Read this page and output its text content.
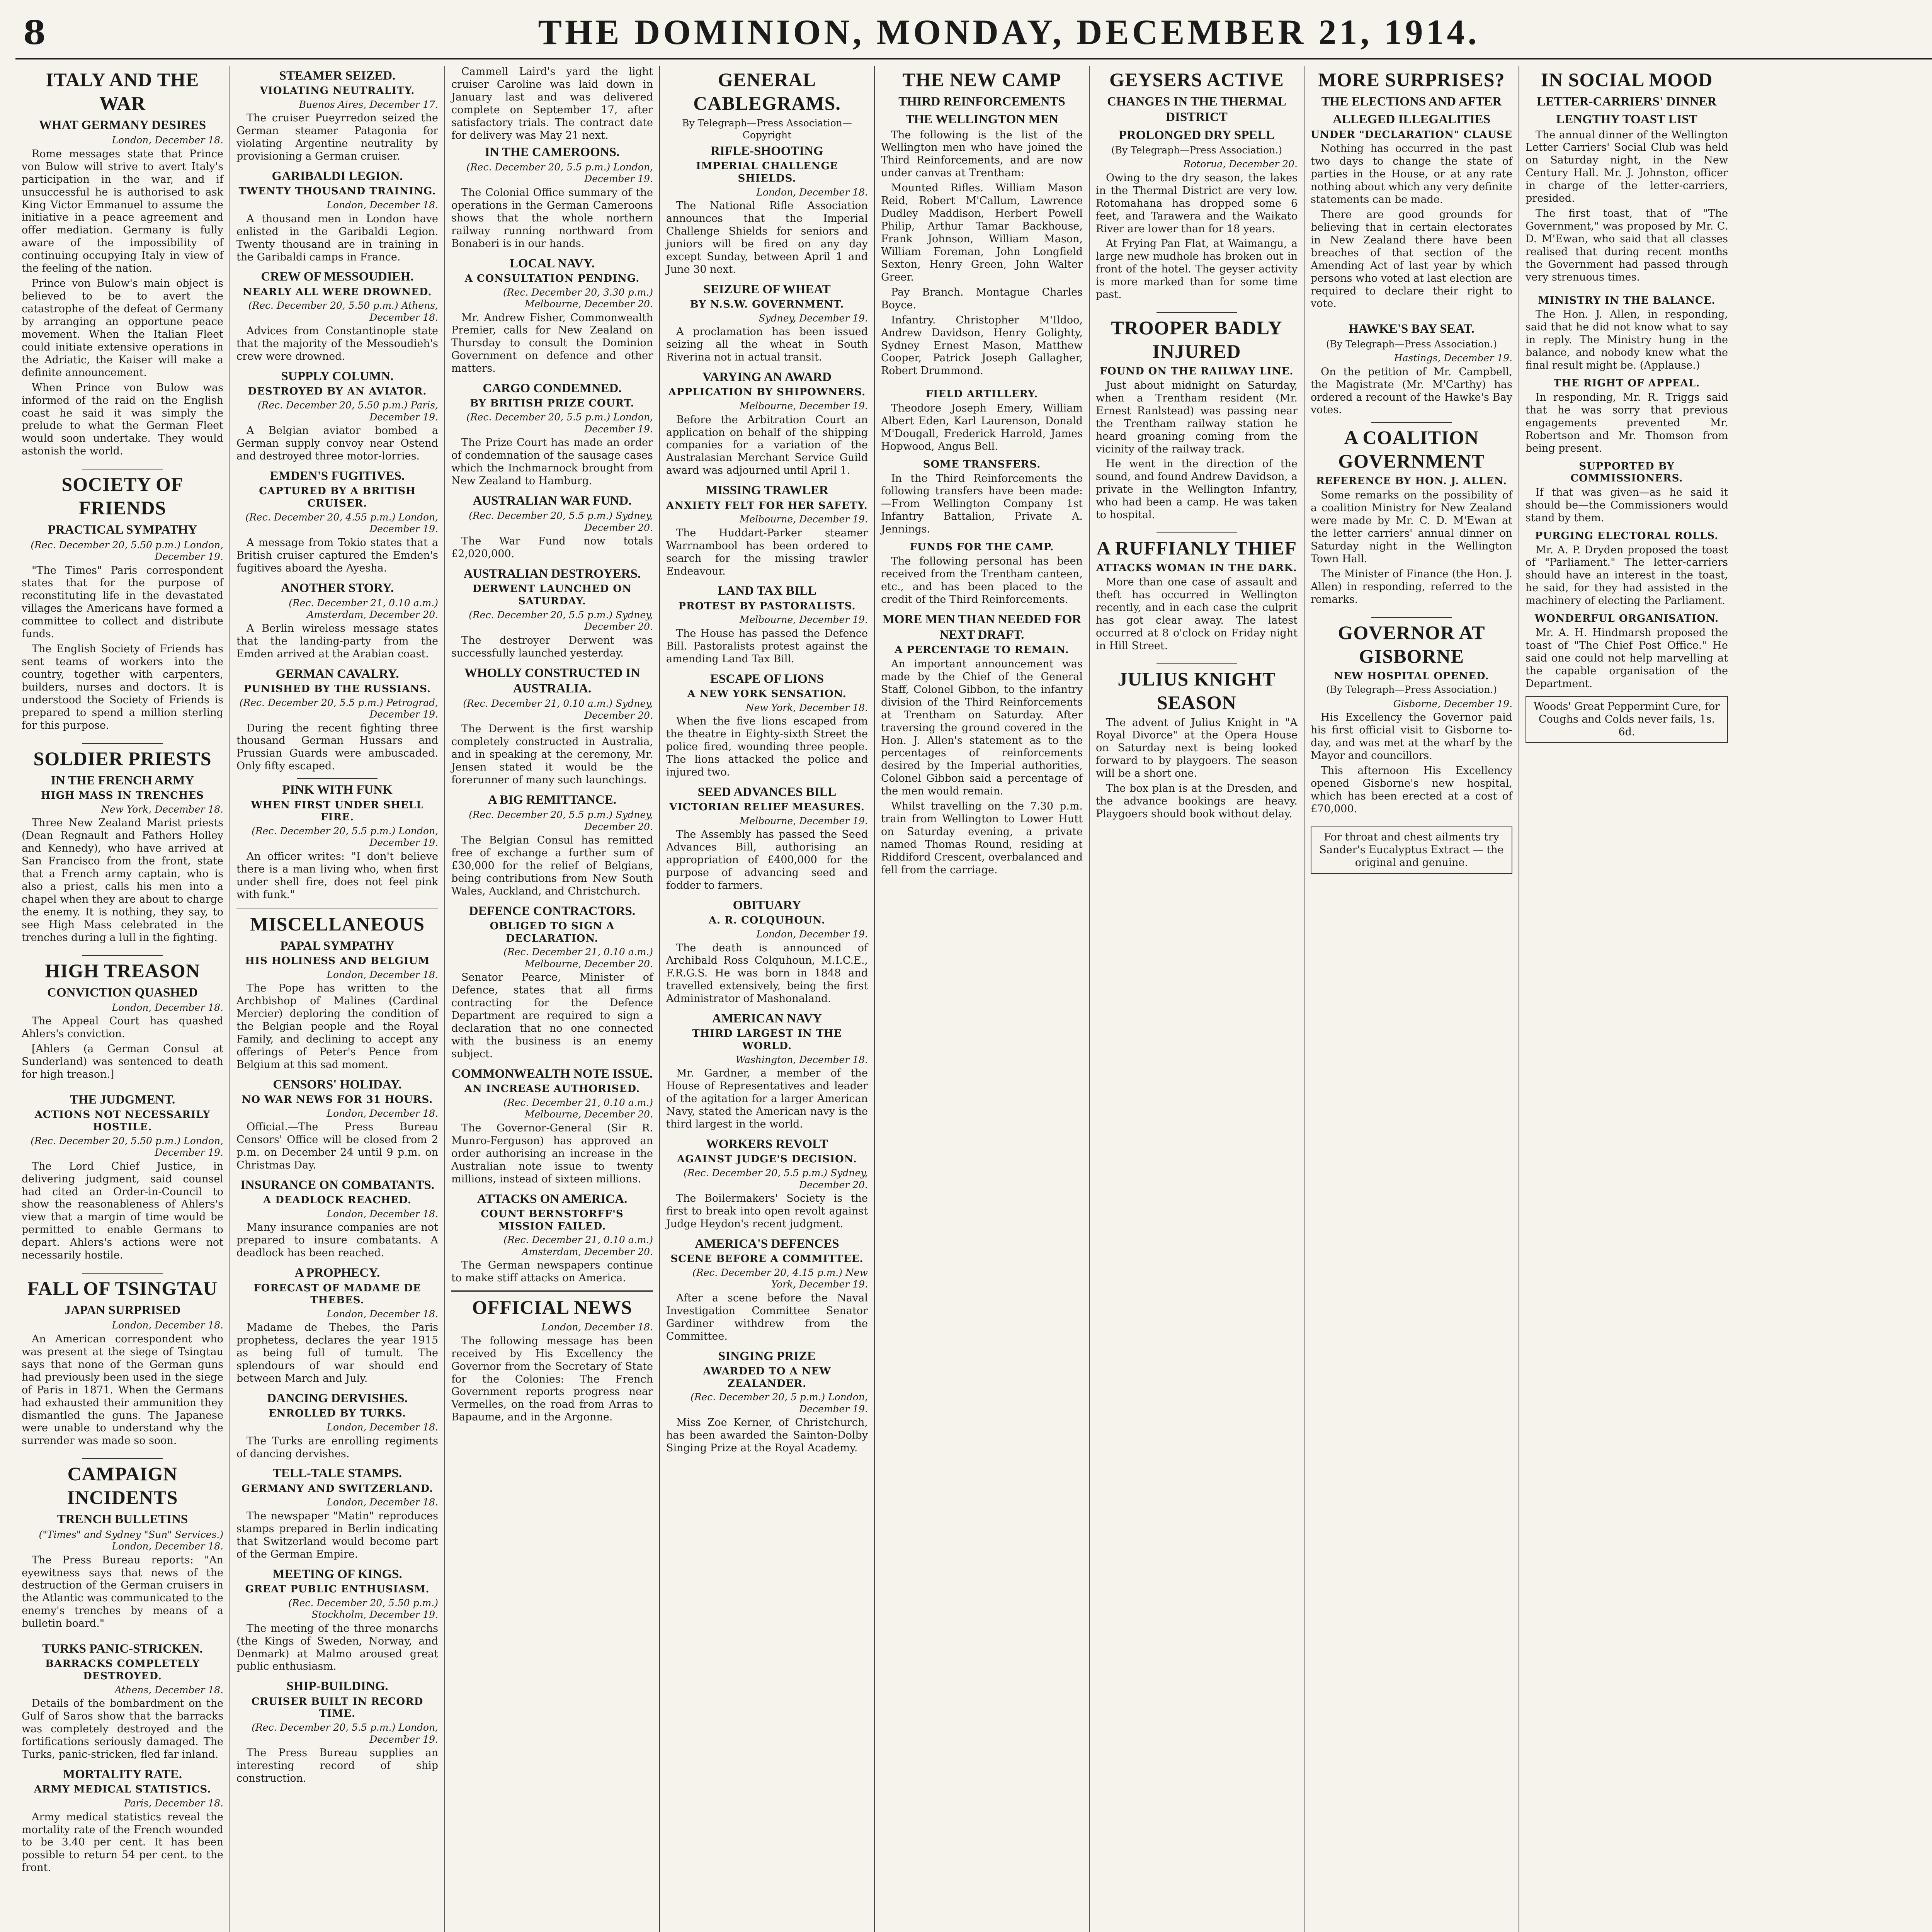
8	THE DOMINION, MONDAY, DECEMBER 21, 1914.
ITALY AND THE WAR
WHAT GERMANY DESIRES
London, December 18.

Rome messages state that Prince von Bulow will strive to avert Italy's participation in the war, and if unsuccessful he is authorised to ask King Victor Emmanuel to assume the initiative in a peace agreement and offer mediation. Germany is fully aware of the impossibility of continuing occupying Italy in view of the feeling of the nation.

Prince von Bulow's main object is believed to be to avert the catastrophe of the defeat of Germany by arranging an opportune peace movement. When the Italian Fleet could initiate extensive operations in the Adriatic, the Kaiser will make a definite announcement.

When Prince von Bulow was informed of the raid on the English coast he said it was simply the prelude to what the German Fleet would soon undertake. They would astonish the world.

SOCIETY OF FRIENDS
PRACTICAL SYMPATHY
(Rec. December 20, 5.50 p.m.) London, December 19.

"The Times" Paris correspondent states that for the purpose of reconstituting life in the devastated villages the Americans have formed a committee to collect and distribute funds.

The English Society of Friends has sent teams of workers into the country, together with carpenters, builders, nurses and doctors. It is understood the Society of Friends is prepared to spend a million sterling for this purpose.

SOLDIER PRIESTS
IN THE FRENCH ARMY
HIGH MASS IN TRENCHES
New York, December 18.

Three New Zealand Marist priests (Dean Regnault and Fathers Holley and Kennedy), who have arrived at San Francisco from the front, state that a French army captain, who is also a priest, calls his men into a chapel when they are about to charge the enemy. It is nothing, they say, to see High Mass celebrated in the trenches during a lull in the fighting.

HIGH TREASON
CONVICTION QUASHED
London, December 18.

The Appeal Court has quashed Ahlers's conviction.

[Ahlers (a German Consul at Sunderland) was sentenced to death for high treason.]

THE JUDGMENT.
ACTIONS NOT NECESSARILY HOSTILE.
(Rec. December 20, 5.50 p.m.) London, December 19.

The Lord Chief Justice, in delivering judgment, said counsel had cited an Order-in-Council to show the reasonableness of Ahlers's view that a margin of time would be permitted to enable Germans to depart. Ahlers's actions were not necessarily hostile.

FALL OF TSINGTAU
JAPAN SURPRISED
London, December 18.

An American correspondent who was present at the siege of Tsingtau says that none of the German guns had previously been used in the siege of Paris in 1871. When the Germans had exhausted their ammunition they dismantled the guns. The Japanese were unable to understand why the surrender was made so soon.

CAMPAIGN INCIDENTS
TRENCH BULLETINS
("Times" and Sydney "Sun" Services.) London, December 18.

The Press Bureau reports: "An eyewitness says that news of the destruction of the German cruisers in the Atlantic was communicated to the enemy's trenches by means of a bulletin board."

TURKS PANIC-STRICKEN.
BARRACKS COMPLETELY DESTROYED.
Athens, December 18.

Details of the bombardment on the Gulf of Saros show that the barracks was completely destroyed and the fortifications seriously damaged. The Turks, panic-stricken, fled far inland.

MORTALITY RATE.
ARMY MEDICAL STATISTICS.
Paris, December 18.

Army medical statistics reveal the mortality rate of the French wounded to be 3.40 per cent. It has been possible to return 54 per cent. to the front.

STEAMER SEIZED.
VIOLATING NEUTRALITY.
Buenos Aires, December 17.

The cruiser Pueyrredon seized the German steamer Patagonia for violating Argentine neutrality by provisioning a German cruiser.

GARIBALDI LEGION.
TWENTY THOUSAND TRAINING.
London, December 18.

A thousand men in London have enlisted in the Garibaldi Legion. Twenty thousand are in training in the Garibaldi camps in France.

CREW OF MESSOUDIEH.
NEARLY ALL WERE DROWNED.
(Rec. December 20, 5.50 p.m.) Athens, December 18.

Advices from Constantinople state that the majority of the Messoudieh's crew were drowned.

SUPPLY COLUMN.
DESTROYED BY AN AVIATOR.
(Rec. December 20, 5.50 p.m.) Paris, December 19.

A Belgian aviator bombed a German supply convoy near Ostend and destroyed three motor-lorries.

EMDEN'S FUGITIVES.
CAPTURED BY A BRITISH CRUISER.
(Rec. December 20, 4.55 p.m.) London, December 19.

A message from Tokio states that a British cruiser captured the Emden's fugitives aboard the Ayesha.

ANOTHER STORY.
(Rec. December 21, 0.10 a.m.) Amsterdam, December 20.

A Berlin wireless message states that the landing-party from the Emden arrived at the Arabian coast.

GERMAN CAVALRY.
PUNISHED BY THE RUSSIANS.
(Rec. December 20, 5.5 p.m.) Petrograd, December 19.

During the recent fighting three thousand German Hussars and Prussian Guards were ambuscaded. Only fifty escaped.

PINK WITH FUNK
WHEN FIRST UNDER SHELL FIRE.
(Rec. December 20, 5.5 p.m.) London, December 19.

An officer writes: "I don't believe there is a man living who, when first under shell fire, does not feel pink with funk."

MISCELLANEOUS
PAPAL SYMPATHY
HIS HOLINESS AND BELGIUM
London, December 18.

The Pope has written to the Archbishop of Malines (Cardinal Mercier) deploring the condition of the Belgian people and the Royal Family, and declining to accept any offerings of Peter's Pence from Belgium at this sad moment.

CENSORS' HOLIDAY.
NO WAR NEWS FOR 31 HOURS.
London, December 18.

Official.—The Press Bureau Censors' Office will be closed from 2 p.m. on December 24 until 9 p.m. on Christmas Day.

INSURANCE ON COMBATANTS.
A DEADLOCK REACHED.
London, December 18.

Many insurance companies are not prepared to insure combatants. A deadlock has been reached.

A PROPHECY.
FORECAST OF MADAME DE THEBES.
London, December 18.

Madame de Thebes, the Paris prophetess, declares the year 1915 as being full of tumult. The splendours of war should end between March and July.

DANCING DERVISHES.
ENROLLED BY TURKS.
London, December 18.

The Turks are enrolling regiments of dancing dervishes.

TELL-TALE STAMPS.
GERMANY AND SWITZERLAND.
London, December 18.

The newspaper "Matin" reproduces stamps prepared in Berlin indicating that Switzerland would become part of the German Empire.

MEETING OF KINGS.
GREAT PUBLIC ENTHUSIASM.
(Rec. December 20, 5.50 p.m.) Stockholm, December 19.

The meeting of the three monarchs (the Kings of Sweden, Norway, and Denmark) at Malmo aroused great public enthusiasm.

SHIP-BUILDING.
CRUISER BUILT IN RECORD TIME.
(Rec. December 20, 5.5 p.m.) London, December 19.

The Press Bureau supplies an interesting record of ship construction.

Cammell Laird's yard the light cruiser Caroline was laid down in January last and was delivered complete on September 17, after satisfactory trials. The contract date for delivery was May 21 next.

IN THE CAMEROONS.
(Rec. December 20, 5.5 p.m.) London, December 19.

The Colonial Office summary of the operations in the German Cameroons shows that the whole northern railway running northward from Bonaberi is in our hands.

LOCAL NAVY.
A CONSULTATION PENDING.
(Rec. December 20, 3.30 p.m.) Melbourne, December 20.

Mr. Andrew Fisher, Commonwealth Premier, calls for New Zealand on Thursday to consult the Dominion Government on defence and other matters.

CARGO CONDEMNED.
BY BRITISH PRIZE COURT.
(Rec. December 20, 5.5 p.m.) London, December 19.

The Prize Court has made an order of condemnation of the sausage cases which the Inchmarnock brought from New Zealand to Hamburg.

AUSTRALIAN WAR FUND.
(Rec. December 20, 5.5 p.m.) Sydney, December 20.

The War Fund now totals £2,020,000.

AUSTRALIAN DESTROYERS.
DERWENT LAUNCHED ON SATURDAY.
(Rec. December 20, 5.5 p.m.) Sydney, December 20.

The destroyer Derwent was successfully launched yesterday.

WHOLLY CONSTRUCTED IN AUSTRALIA.
(Rec. December 21, 0.10 a.m.) Sydney, December 20.

The Derwent is the first warship completely constructed in Australia, and in speaking at the ceremony, Mr. Jensen stated it would be the forerunner of many such launchings.

A BIG REMITTANCE.
(Rec. December 20, 5.5 p.m.) Sydney, December 20.

The Belgian Consul has remitted free of exchange a further sum of £30,000 for the relief of Belgians, being contributions from New South Wales, Auckland, and Christchurch.

DEFENCE CONTRACTORS.
OBLIGED TO SIGN A DECLARATION.
(Rec. December 21, 0.10 a.m.) Melbourne, December 20.

Senator Pearce, Minister of Defence, states that all firms contracting for the Defence Department are required to sign a declaration that no one connected with the business is an enemy subject.

COMMONWEALTH NOTE ISSUE.
AN INCREASE AUTHORISED.
(Rec. December 21, 0.10 a.m.) Melbourne, December 20.

The Governor-General (Sir R. Munro-Ferguson) has approved an order authorising an increase in the Australian note issue to twenty millions, instead of sixteen millions.

ATTACKS ON AMERICA.
COUNT BERNSTORFF'S MISSION FAILED.
(Rec. December 21, 0.10 a.m.) Amsterdam, December 20.

The German newspapers continue to make stiff attacks on America.

OFFICIAL NEWS
London, December 18.

The following message has been received by His Excellency the Governor from the Secretary of State for the Colonies: The French Government reports progress near Vermelles, on the road from Arras to Bapaume, and in the Argonne.

GENERAL CABLEGRAMS.
By Telegraph—Press Association—Copyright
RIFLE-SHOOTING
IMPERIAL CHALLENGE SHIELDS.
London, December 18.

The National Rifle Association announces that the Imperial Challenge Shields for seniors and juniors will be fired on any day except Sunday, between April 1 and June 30 next.

SEIZURE OF WHEAT
BY N.S.W. GOVERNMENT.
Sydney, December 19.

A proclamation has been issued seizing all the wheat in South Riverina not in actual transit.

VARYING AN AWARD
APPLICATION BY SHIPOWNERS.
Melbourne, December 19.

Before the Arbitration Court an application on behalf of the shipping companies for a variation of the Australasian Merchant Service Guild award was adjourned until April 1.

MISSING TRAWLER
ANXIETY FELT FOR HER SAFETY.
Melbourne, December 19.

The Huddart-Parker steamer Warrnambool has been ordered to search for the missing trawler Endeavour.

LAND TAX BILL
PROTEST BY PASTORALISTS.
Melbourne, December 19.

The House has passed the Defence Bill. Pastoralists protest against the amending Land Tax Bill.

ESCAPE OF LIONS
A NEW YORK SENSATION.
New York, December 18.

When the five lions escaped from the theatre in Eighty-sixth Street the police fired, wounding three people. The lions attacked the police and injured two.

SEED ADVANCES BILL
VICTORIAN RELIEF MEASURES.
Melbourne, December 19.

The Assembly has passed the Seed Advances Bill, authorising an appropriation of £400,000 for the purpose of advancing seed and fodder to farmers.

OBITUARY
A. R. COLQUHOUN.
London, December 19.

The death is announced of Archibald Ross Colquhoun, M.I.C.E., F.R.G.S. He was born in 1848 and travelled extensively, being the first Administrator of Mashonaland.

AMERICAN NAVY
THIRD LARGEST IN THE WORLD.
Washington, December 18.

Mr. Gardner, a member of the House of Representatives and leader of the agitation for a larger American Navy, stated the American navy is the third largest in the world.

WORKERS REVOLT
AGAINST JUDGE'S DECISION.
(Rec. December 20, 5.5 p.m.) Sydney, December 20.

The Boilermakers' Society is the first to break into open revolt against Judge Heydon's recent judgment.

AMERICA'S DEFENCES
SCENE BEFORE A COMMITTEE.
(Rec. December 20, 4.15 p.m.) New York, December 19.

After a scene before the Naval Investigation Committee Senator Gardiner withdrew from the Committee.

SINGING PRIZE
AWARDED TO A NEW ZEALANDER.
(Rec. December 20, 5 p.m.) London, December 19.

Miss Zoe Kerner, of Christchurch, has been awarded the Sainton-Dolby Singing Prize at the Royal Academy.

THE NEW CAMP
THIRD REINFORCEMENTS
THE WELLINGTON MEN

The following is the list of the Wellington men who have joined the Third Reinforcements, and are now under canvas at Trentham:

Mounted Rifles. William Mason Reid, Robert M'Callum, Lawrence Dudley Maddison, Herbert Powell Philip, Arthur Tamar Backhouse, Frank Johnson, William Mason, William Foreman, John Longfield Sexton, Henry Green, John Walter Greer.

Pay Branch. Montague Charles Boyce.

Infantry. Christopher M'Ildoo, Andrew Davidson, Henry Golighty, Sydney Ernest Mason, Matthew Cooper, Patrick Joseph Gallagher, Robert Drummond.

FIELD ARTILLERY.

Theodore Joseph Emery, William Albert Eden, Karl Laurenson, Donald M'Dougall, Frederick Harrold, James Hopwood, Angus Bell.

SOME TRANSFERS.

In the Third Reinforcements the following transfers have been made:—From Wellington Company 1st Infantry Battalion, Private A. Jennings.

FUNDS FOR THE CAMP.

The following personal has been received from the Trentham canteen, etc., and has been placed to the credit of the Third Reinforcements.

MORE MEN THAN NEEDED FOR NEXT DRAFT.
A PERCENTAGE TO REMAIN.

An important announcement was made by the Chief of the General Staff, Colonel Gibbon, to the infantry division of the Third Reinforcements at Trentham on Saturday. After traversing the ground covered in the Hon. J. Allen's statement as to the percentages of reinforcements desired by the Imperial authorities, Colonel Gibbon said a percentage of the men would remain.

Whilst travelling on the 7.30 p.m. train from Wellington to Lower Hutt on Saturday evening, a private named Thomas Round, residing at Riddiford Crescent, overbalanced and fell from the carriage.

GEYSERS ACTIVE
CHANGES IN THE THERMAL DISTRICT
PROLONGED DRY SPELL
(By Telegraph—Press Association.)
Rotorua, December 20.

Owing to the dry season, the lakes in the Thermal District are very low. Rotomahana has dropped some 6 feet, and Tarawera and the Waikato River are lower than for 18 years.

At Frying Pan Flat, at Waimangu, a large new mudhole has broken out in front of the hotel. The geyser activity is more marked than for some time past.

TROOPER BADLY INJURED
FOUND ON THE RAILWAY LINE.

Just about midnight on Saturday, when a Trentham resident (Mr. Ernest Ranlstead) was passing near the Trentham railway station he heard groaning coming from the vicinity of the railway track.

He went in the direction of the sound, and found Andrew Davidson, a private in the Wellington Infantry, who had been a camp. He was taken to hospital.

A RUFFIANLY THIEF
ATTACKS WOMAN IN THE DARK.

More than one case of assault and theft has occurred in Wellington recently, and in each case the culprit has got clear away. The latest occurred at 8 o'clock on Friday night in Hill Street.

JULIUS KNIGHT SEASON

The advent of Julius Knight in "A Royal Divorce" at the Opera House on Saturday next is being looked forward to by playgoers. The season will be a short one.

The box plan is at the Dresden, and the advance bookings are heavy. Playgoers should book without delay.

MORE SURPRISES?
THE ELECTIONS AND AFTER
ALLEGED ILLEGALITIES
UNDER "DECLARATION" CLAUSE

Nothing has occurred in the past two days to change the state of parties in the House, or at any rate nothing about which any very definite statements can be made.

There are good grounds for believing that in certain electorates in New Zealand there have been breaches of that section of the Amending Act of last year by which persons who voted at last election are required to declare their right to vote.

HAWKE'S BAY SEAT.
(By Telegraph—Press Association.)
Hastings, December 19.

On the petition of Mr. Campbell, the Magistrate (Mr. M'Carthy) has ordered a recount of the Hawke's Bay votes.

A COALITION GOVERNMENT
REFERENCE BY HON. J. ALLEN.

Some remarks on the possibility of a coalition Ministry for New Zealand were made by Mr. C. D. M'Ewan at the letter carriers' annual dinner on Saturday night in the Wellington Town Hall.

The Minister of Finance (the Hon. J. Allen) in responding, referred to the remarks.

GOVERNOR AT GISBORNE
NEW HOSPITAL OPENED.
(By Telegraph—Press Association.)
Gisborne, December 19.

His Excellency the Governor paid his first official visit to Gisborne to-day, and was met at the wharf by the Mayor and councillors.

This afternoon His Excellency opened Gisborne's new hospital, which has been erected at a cost of £70,000.

For throat and chest ailments try Sander's Eucalyptus Extract — the original and genuine.
IN SOCIAL MOOD
LETTER-CARRIERS' DINNER
LENGTHY TOAST LIST

The annual dinner of the Wellington Letter Carriers' Social Club was held on Saturday night, in the New Century Hall. Mr. J. Johnston, officer in charge of the letter-carriers, presided.

The first toast, that of "The Government," was proposed by Mr. C. D. M'Ewan, who said that all classes realised that during recent months the Government had passed through very strenuous times.

MINISTRY IN THE BALANCE.

The Hon. J. Allen, in responding, said that he did not know what to say in reply. The Ministry hung in the balance, and nobody knew what the final result might be. (Applause.)

THE RIGHT OF APPEAL.

In responding, Mr. R. Triggs said that he was sorry that previous engagements prevented Mr. Robertson and Mr. Thomson from being present.

SUPPORTED BY COMMISSIONERS.

If that was given—as he said it should be—the Commissioners would stand by them.

PURGING ELECTORAL ROLLS.

Mr. A. P. Dryden proposed the toast of "Parliament." The letter-carriers should have an interest in the toast, he said, for they had assisted in the machinery of electing the Parliament.

WONDERFUL ORGANISATION.

Mr. A. H. Hindmarsh proposed the toast of "The Chief Post Office." He said one could not help marvelling at the capable organisation of the Department.

Woods' Great Peppermint Cure, for Coughs and Colds never fails, 1s. 6d.
